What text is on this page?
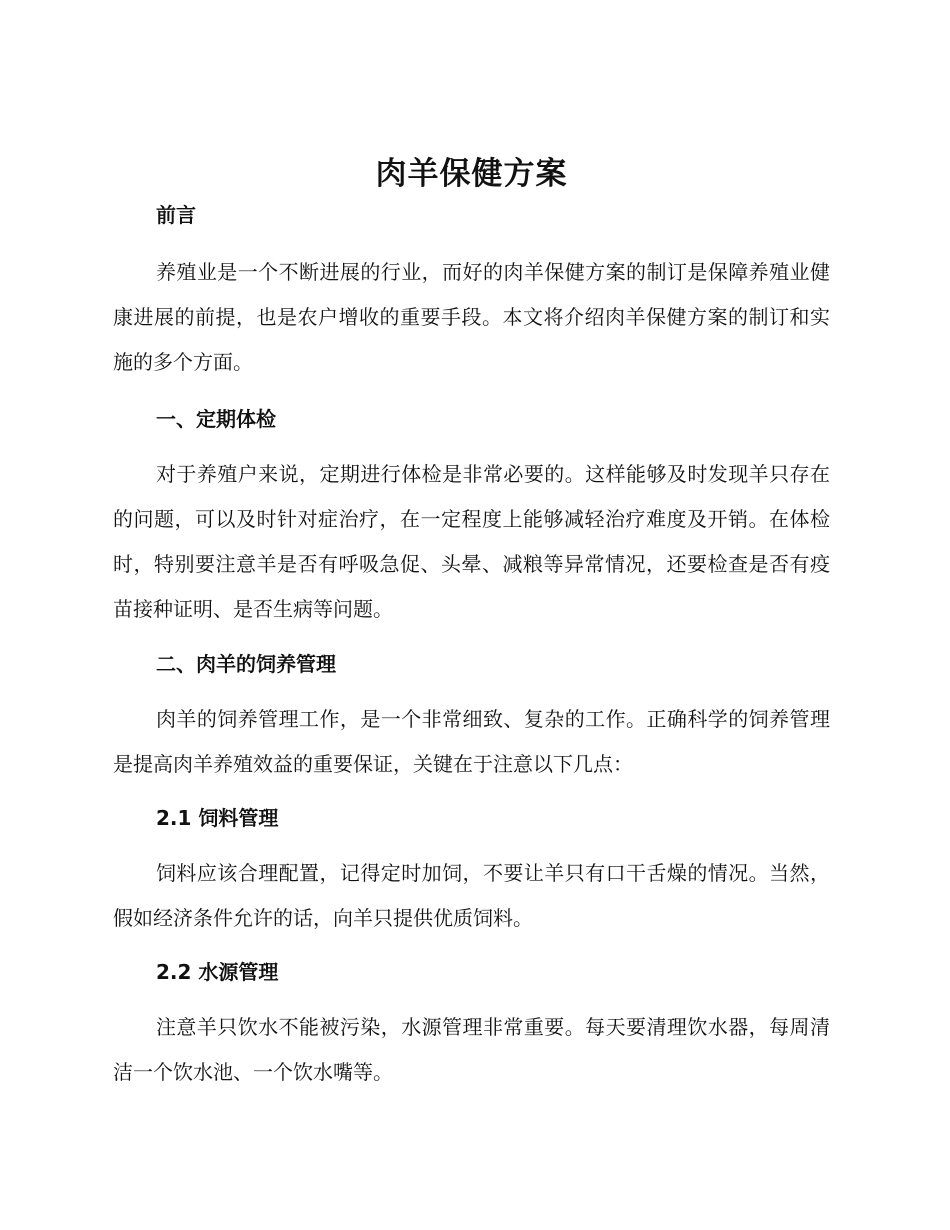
肉羊保健方案
前言

养殖业是一个不断进展的行业，而好的肉羊保健方案的制订是保障养殖业健康进展的前提，也是农户增收的重要手段。本文将介绍肉羊保健方案的制订和实施的多个方面。

一、定期体检

对于养殖户来说，定期进行体检是非常必要的。这样能够及时发现羊只存在的问题，可以及时针对症治疗，在一定程度上能够减轻治疗难度及开销。在体检时，特别要注意羊是否有呼吸急促、头晕、减粮等异常情况，还要检查是否有疫苗接种证明、是否生病等问题。

二、肉羊的饲养管理

肉羊的饲养管理工作，是一个非常细致、复杂的工作。正确科学的饲养管理是提高肉羊养殖效益的重要保证，关键在于注意以下几点：

2.1 饲料管理

饲料应该合理配置，记得定时加饲，不要让羊只有口干舌燥的情况。当然，假如经济条件允许的话，向羊只提供优质饲料。

2.2 水源管理

注意羊只饮水不能被污染，水源管理非常重要。每天要清理饮水器，每周清洁一个饮水池、一个饮水嘴等。
